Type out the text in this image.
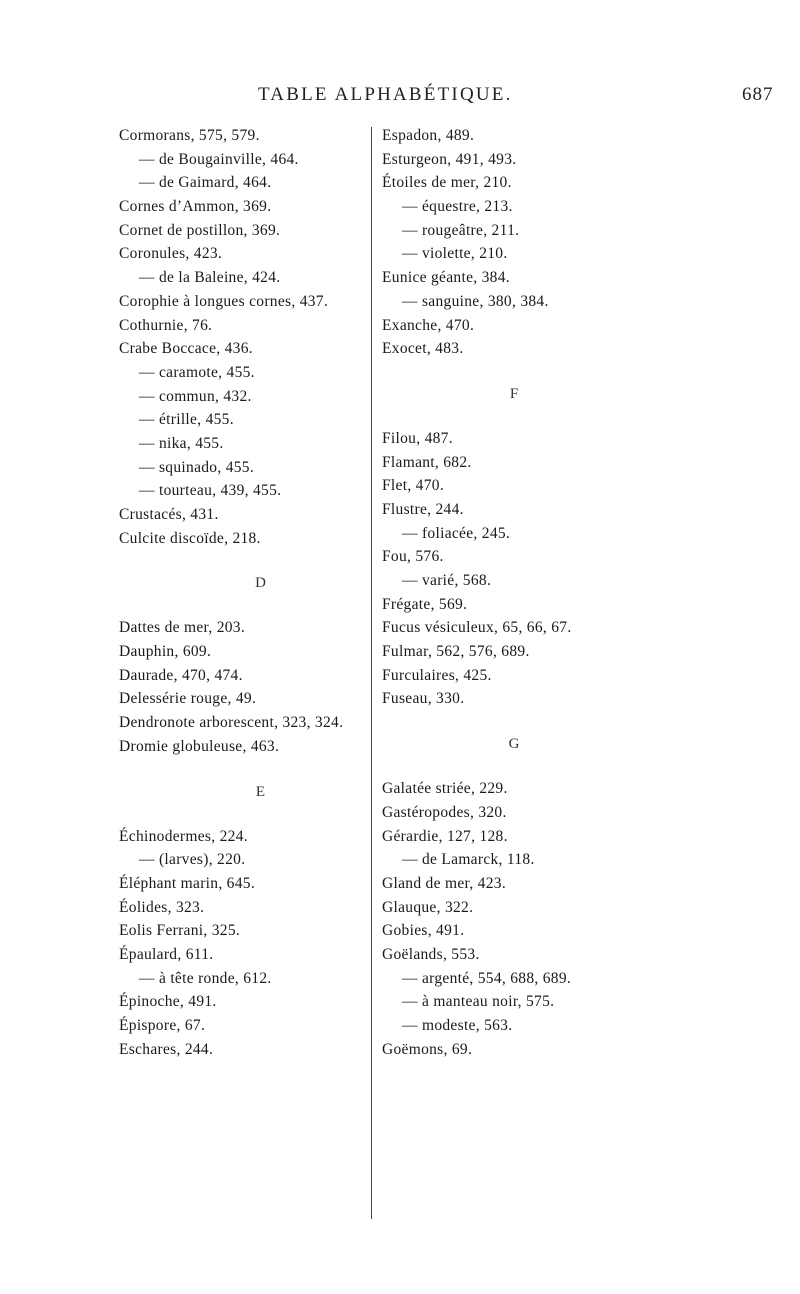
TABLE ALPHABÉTIQUE.	687
Cormorans, 575, 579.
— de Bougainville, 464.
— de Gaimard, 464.
Cornes d’Ammon, 369.
Cornet de postillon, 369.
Coronules, 423.
— de la Baleine, 424.
Corophie à longues cornes, 437.
Cothurnie, 76.
Crabe Boccace, 436.
— caramote, 455.
— commun, 432.
— étrille, 455.
— nika, 455.
— squinado, 455.
— tourteau, 439, 455.
Crustacés, 431.
Culcite discoïde, 218.
D
Dattes de mer, 203.
Dauphin, 609.
Daurade, 470, 474.
Delessérie rouge, 49.
Dendronote arborescent, 323, 324.
Dromie globuleuse, 463.
E
Échinodermes, 224.
— (larves), 220.
Éléphant marin, 645.
Éolides, 323.
Eolis Ferrani, 325.
Épaulard, 611.
— à tête ronde, 612.
Épinoche, 491.
Épispore, 67.
Eschares, 244.
Espadon, 489.
Esturgeon, 491, 493.
Étoiles de mer, 210.
— équestre, 213.
— rougeâtre, 211.
— violette, 210.
Eunice géante, 384.
— sanguine, 380, 384.
Exanche, 470.
Exocet, 483.
F
Filou, 487.
Flamant, 682.
Flet, 470.
Flustre, 244.
— foliacée, 245.
Fou, 576.
— varié, 568.
Frégate, 569.
Fucus vésiculeux, 65, 66, 67.
Fulmar, 562, 576, 689.
Furculaires, 425.
Fuseau, 330.
G
Galatée striée, 229.
Gastéropodes, 320.
Gérardie, 127, 128.
— de Lamarck, 118.
Gland de mer, 423.
Glauque, 322.
Gobies, 491.
Goëlands, 553.
— argenté, 554, 688, 689.
— à manteau noir, 575.
— modeste, 563.
Goëmons, 69.
